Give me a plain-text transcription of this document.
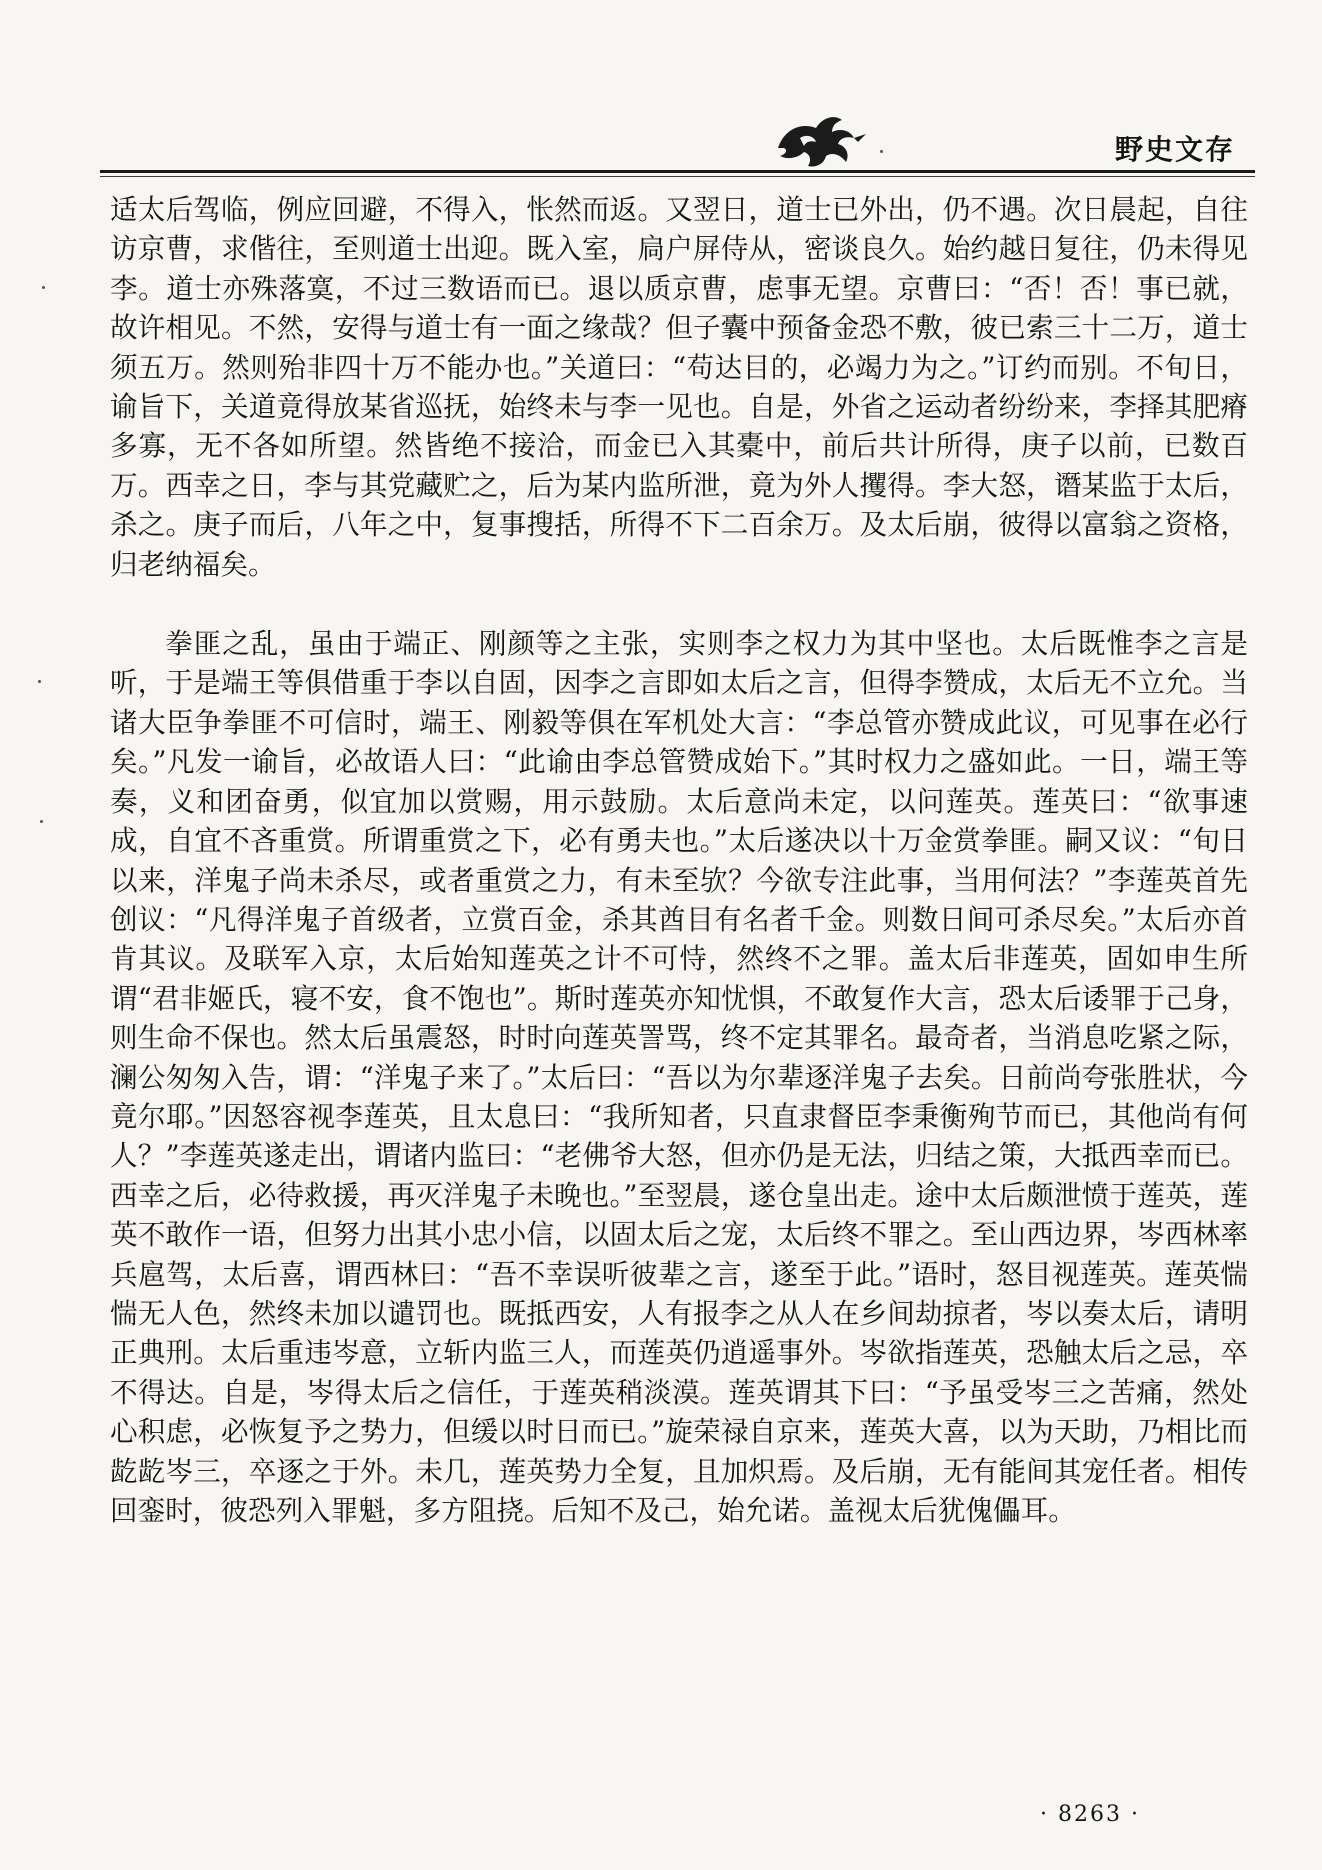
野史文存

适太后驾临，例应回避，不得入，怅然而返。又翌日，道士已外出，仍不遇。次日晨起，自往访京曹，求偕往，至则道士出迎。既入室，扃户屏侍从，密谈良久。始约越日复往，仍未得见李。道士亦殊落寞，不过三数语而已。退以质京曹，虑事无望。京曹曰：“否！否！事已就，故许相见。不然，安得与道士有一面之缘哉？但子囊中预备金恐不敷，彼已索三十二万，道士须五万。然则殆非四十万不能办也。”关道曰：“苟达目的，必竭力为之。”订约而别。不旬日，谕旨下，关道竟得放某省巡抚，始终未与李一见也。自是，外省之运动者纷纷来，李择其肥瘠多寡，无不各如所望。然皆绝不接洽，而金已入其橐中，前后共计所得，庚子以前，已数百万。西幸之日，李与其党藏贮之，后为某内监所泄，竟为外人攫得。李大怒，谮某监于太后，杀之。庚子而后，八年之中，复事搜括，所得不下二百余万。及太后崩，彼得以富翁之资格，归老纳福矣。

拳匪之乱，虽由于端正、刚颜等之主张，实则李之权力为其中坚也。太后既惟李之言是听，于是端王等俱借重于李以自固，因李之言即如太后之言，但得李赞成，太后无不立允。当诸大臣争拳匪不可信时，端王、刚毅等俱在军机处大言：“李总管亦赞成此议，可见事在必行矣。”凡发一谕旨，必故语人曰：“此谕由李总管赞成始下。”其时权力之盛如此。一日，端王等奏，义和团奋勇，似宜加以赏赐，用示鼓励。太后意尚未定，以问莲英。莲英曰：“欲事速成，自宜不吝重赏。所谓重赏之下，必有勇夫也。”太后遂决以十万金赏拳匪。嗣又议：“旬日以来，洋鬼子尚未杀尽，或者重赏之力，有未至欤？今欲专注此事，当用何法？”李莲英首先创议：“凡得洋鬼子首级者，立赏百金，杀其酋目有名者千金。则数日间可杀尽矣。”太后亦首肯其议。及联军入京，太后始知莲英之计不可恃，然终不之罪。盖太后非莲英，固如申生所谓“君非姬氏，寝不安，食不饱也”。斯时莲英亦知忧惧，不敢复作大言，恐太后诿罪于己身，则生命不保也。然太后虽震怒，时时向莲英詈骂，终不定其罪名。最奇者，当消息吃紧之际，澜公匆匆入告，谓：“洋鬼子来了。”太后曰：“吾以为尔辈逐洋鬼子去矣。日前尚夸张胜状，今竟尔耶。”因怒容视李莲英，且太息曰：“我所知者，只直隶督臣李秉衡殉节而已，其他尚有何人？”李莲英遂走出，谓诸内监曰：“老佛爷大怒，但亦仍是无法，归结之策，大抵西幸而已。西幸之后，必待救援，再灭洋鬼子未晚也。”至翌晨，遂仓皇出走。途中太后颇泄愤于莲英，莲英不敢作一语，但努力出其小忠小信，以固太后之宠，太后终不罪之。至山西边界，岑西林率兵扈驾，太后喜，谓西林曰：“吾不幸误听彼辈之言，遂至于此。”语时，怒目视莲英。莲英惴惴无人色，然终未加以谴罚也。既抵西安，人有报李之从人在乡间劫掠者，岑以奏太后，请明正典刑。太后重违岑意，立斩内监三人，而莲英仍逍遥事外。岑欲指莲英，恐触太后之忌，卒不得达。自是，岑得太后之信任，于莲英稍淡漠。莲英谓其下曰：“予虽受岑三之苦痛，然处心积虑，必恢复予之势力，但缓以时日而已。”旋荣禄自京来，莲英大喜，以为天助，乃相比而龁龁岑三，卒逐之于外。未几，莲英势力全复，且加炽焉。及后崩，无有能间其宠任者。相传回銮时，彼恐列入罪魁，多方阻挠。后知不及己，始允诺。盖视太后犹傀儡耳。

· 8263 ·
